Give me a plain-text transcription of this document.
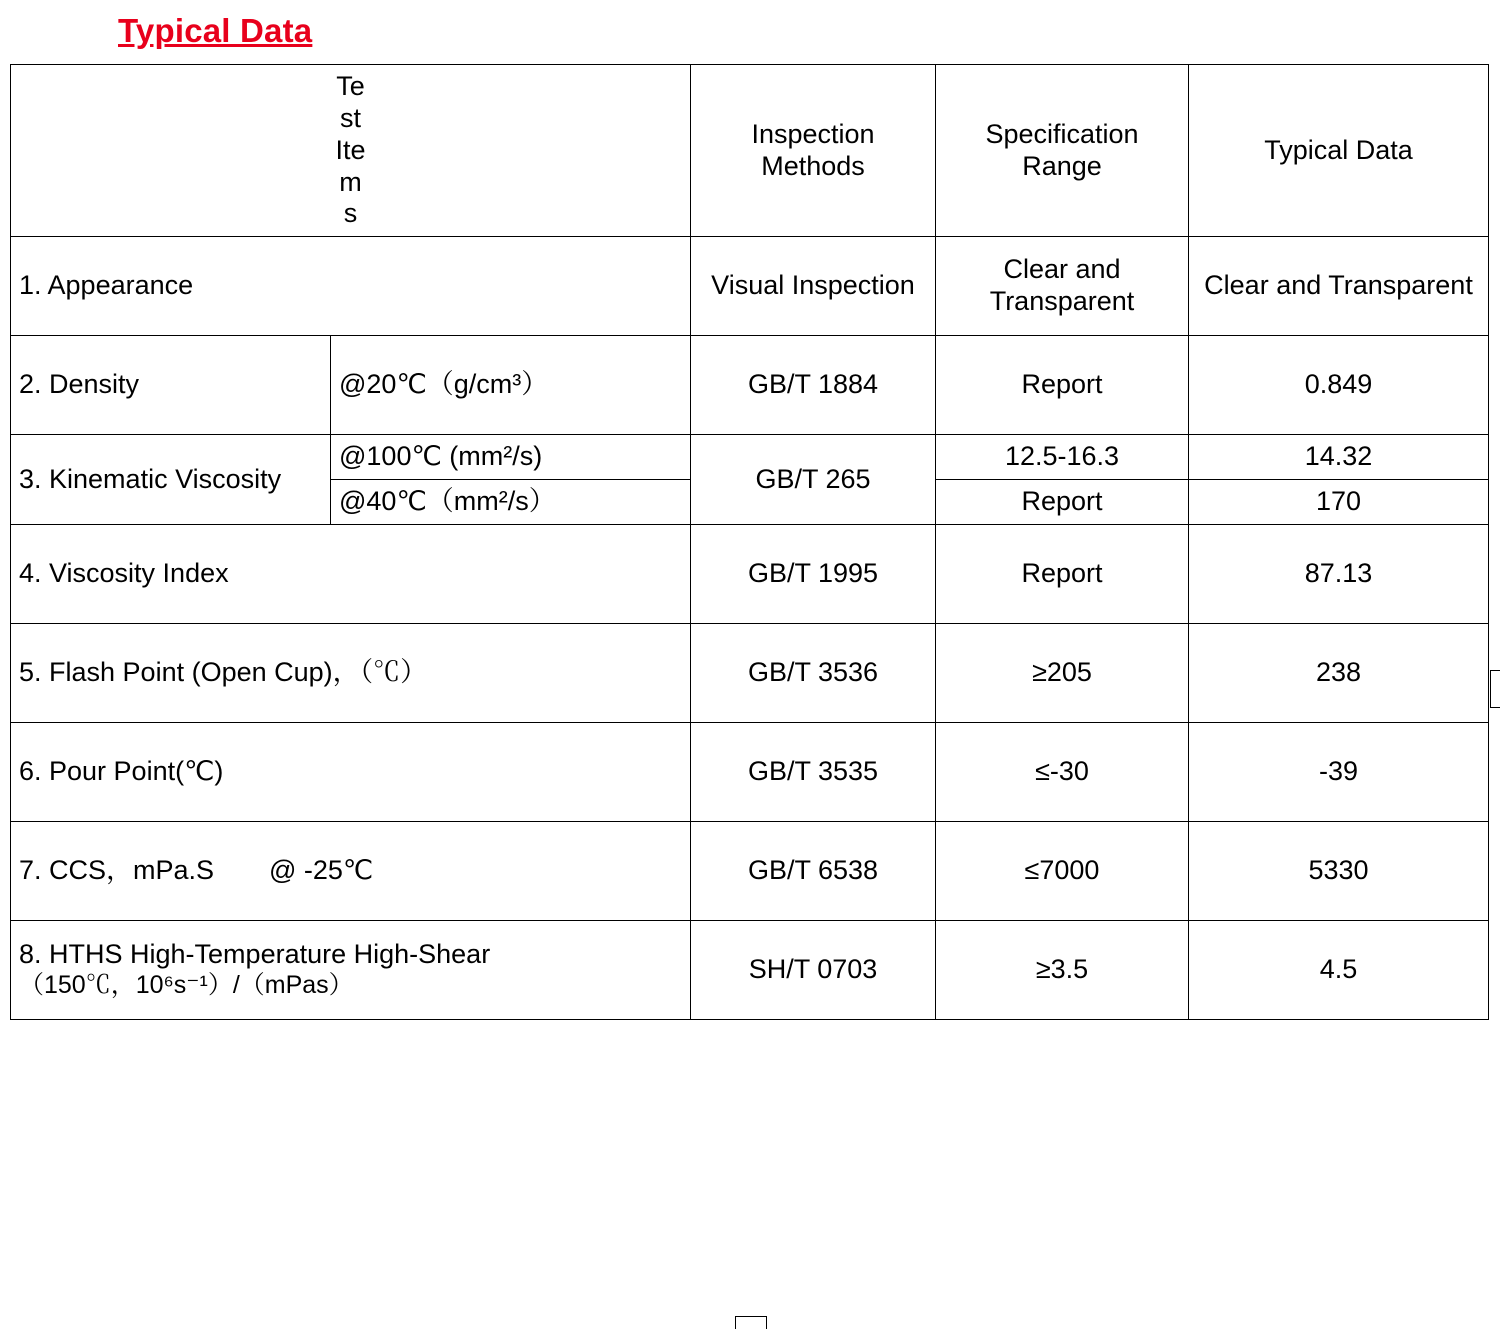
Typical Data
Te
st
Ite
m
s		Inspection Methods	Specification Range	Typical Data
1. Appearance		Visual Inspection	Clear and Transparent	Clear and Transparent
2. Density	@20℃（g/cm³）	GB/T 1884	Report	0.849
3. Kinematic Viscosity	@100℃ (mm²/s)	GB/T 265	12.5-16.3	14.32
	@40℃（mm²/s）		Report	170
4. Viscosity Index		GB/T 1995	Report	87.13
5. Flash Point (Open Cup)，（℃）		GB/T 3536	≥205	238
6. Pour Point(℃)		GB/T 3535	≤-30	-39

7. CCS，mPa.S @ -25℃		GB/T 6538	≤7000	5330

8. HTHS High-Temperature High-Shear
（150℃，10⁶s⁻¹）/（mPas）		SH/T 0703	≥3.5	4.5
